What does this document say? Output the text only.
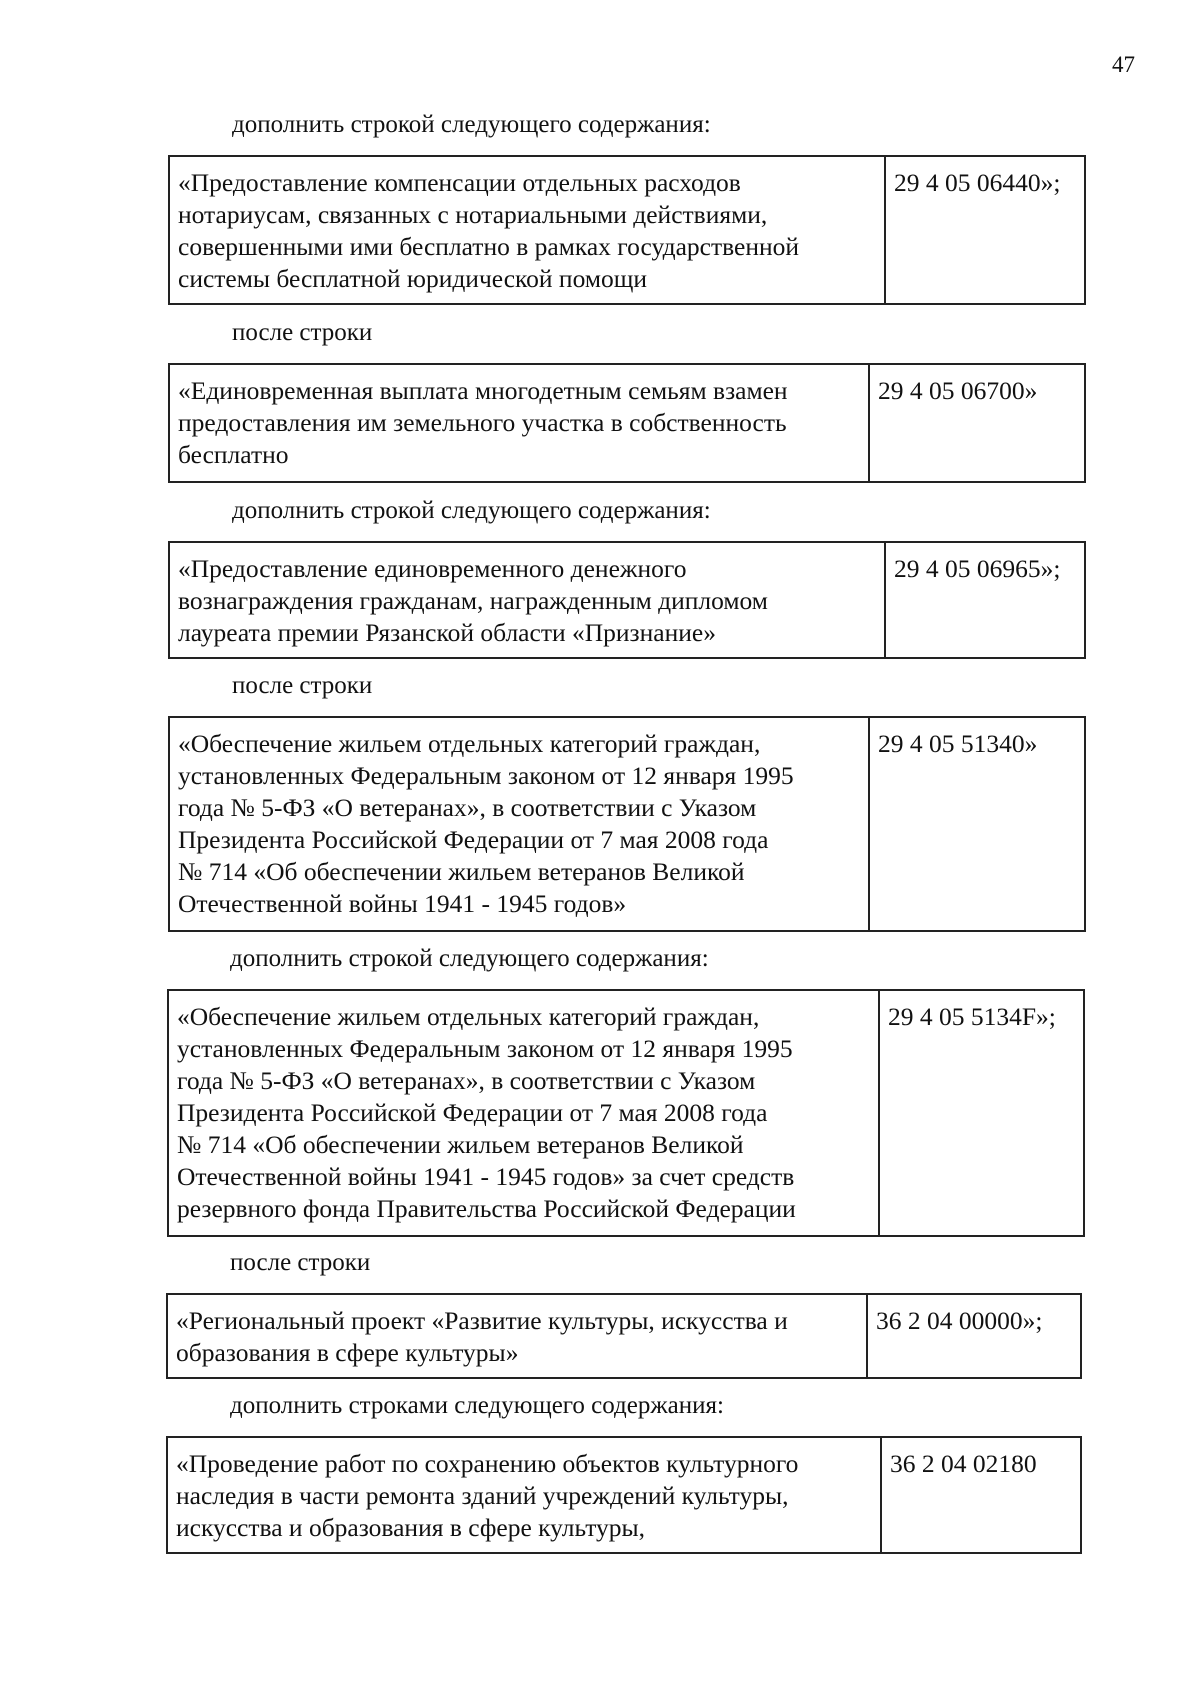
47
дополнить строкой следующего содержания:
«Предоставление компенсации отдельных расходов
нотариусам, связанных с нотариальными действиями,
совершенными ими бесплатно в рамках государственной
системы бесплатной юридической помощи	29 4 05 06440»;
после строки
«Единовременная выплата многодетным семьям взамен
предоставления им земельного участка в собственность
бесплатно	29 4 05 06700»
дополнить строкой следующего содержания:
«Предоставление единовременного денежного
вознаграждения гражданам, награжденным дипломом
лауреата премии Рязанской области «Признание»	29 4 05 06965»;
после строки
«Обеспечение жильем отдельных категорий граждан,
установленных Федеральным законом от 12 января 1995
года № 5-ФЗ «О ветеранах», в соответствии с Указом
Президента Российской Федерации от 7 мая 2008 года
№ 714 «Об обеспечении жильем ветеранов Великой
Отечественной войны 1941 - 1945 годов»	29 4 05 51340»
дополнить строкой следующего содержания:
«Обеспечение жильем отдельных категорий граждан,
установленных Федеральным законом от 12 января 1995
года № 5-ФЗ «О ветеранах», в соответствии с Указом
Президента Российской Федерации от 7 мая 2008 года
№ 714 «Об обеспечении жильем ветеранов Великой
Отечественной войны 1941 - 1945 годов» за счет средств
резервного фонда Правительства Российской Федерации	29 4 05 5134F»;
после строки
«Региональный проект «Развитие культуры, искусства и
образования в сфере культуры»	36 2 04 00000»;
дополнить строками следующего содержания:
«Проведение работ по сохранению объектов культурного
наследия в части ремонта зданий учреждений культуры,
искусства и образования в сфере культуры,	36 2 04 02180
